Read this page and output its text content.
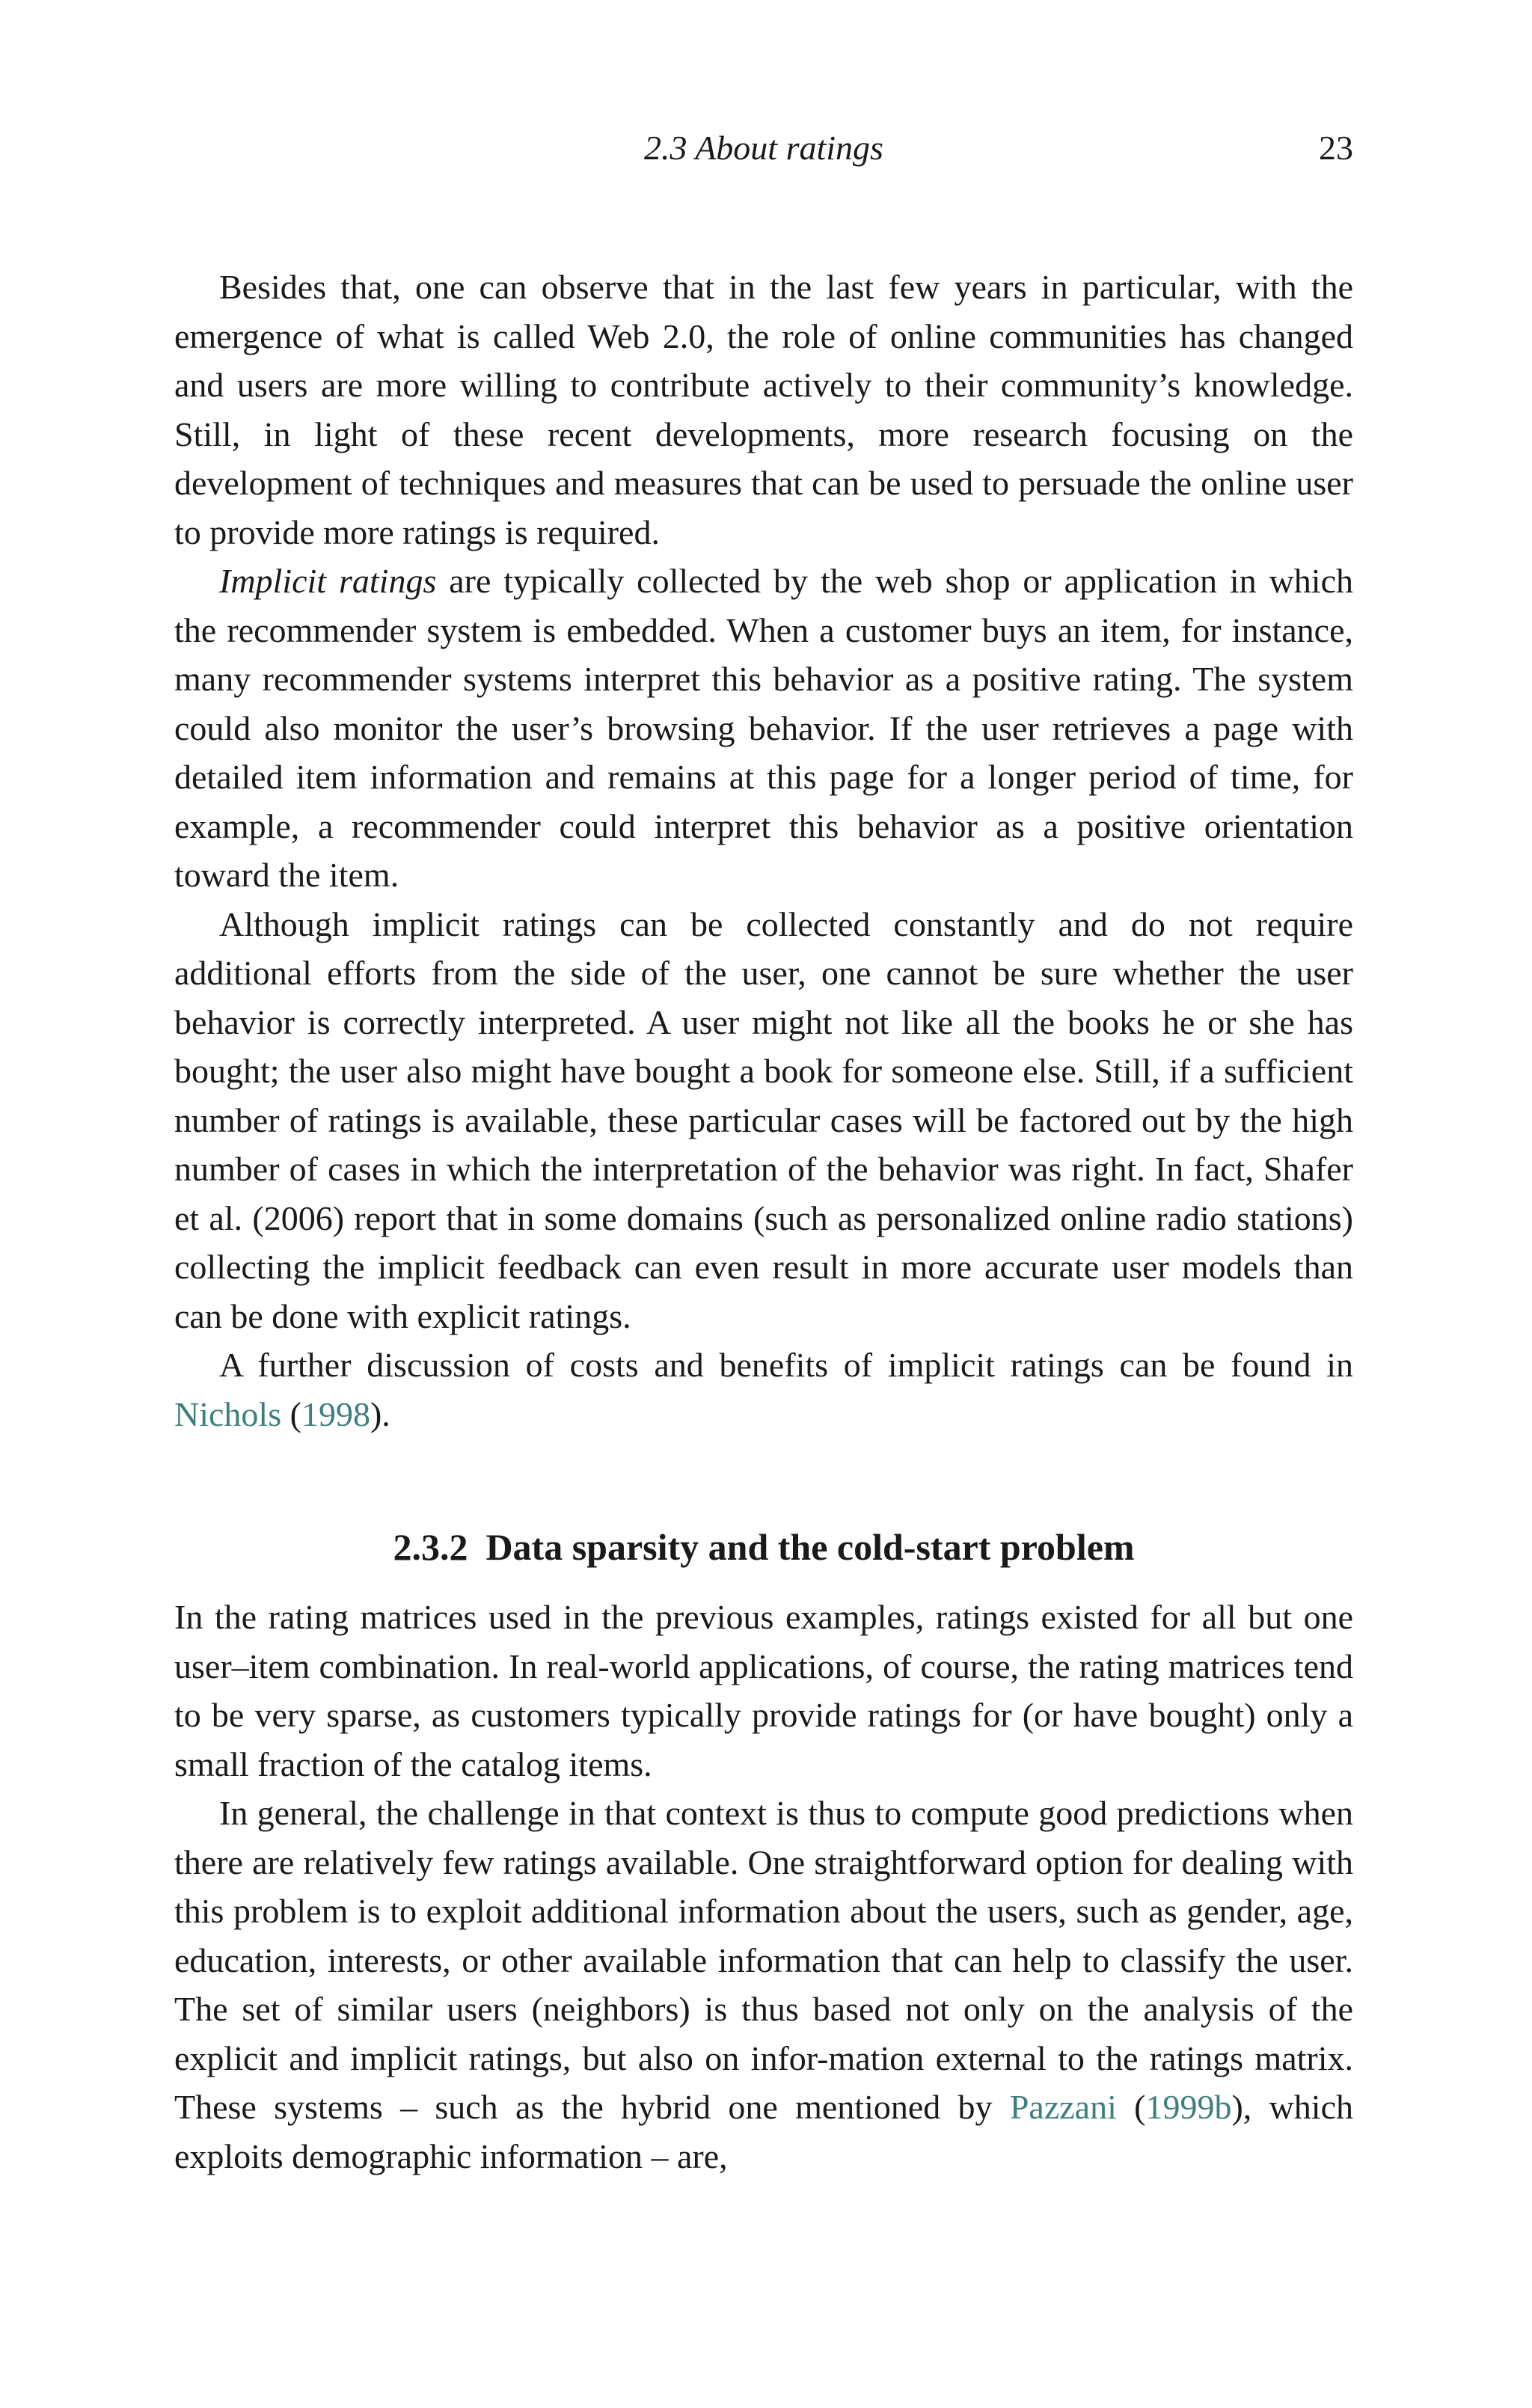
2.3 About ratings	23

Besides that, one can observe that in the last few years in particular, with the emergence of what is called Web 2.0, the role of online communities has changed and users are more willing to contribute actively to their community’s knowledge. Still, in light of these recent developments, more research focusing on the development of techniques and measures that can be used to persuade the online user to provide more ratings is required.

Implicit ratings are typically collected by the web shop or application in which the recommender system is embedded. When a customer buys an item, for instance, many recommender systems interpret this behavior as a positive rating. The system could also monitor the user’s browsing behavior. If the user retrieves a page with detailed item information and remains at this page for a longer period of time, for example, a recommender could interpret this behavior as a positive orientation toward the item.

Although implicit ratings can be collected constantly and do not require additional efforts from the side of the user, one cannot be sure whether the user behavior is correctly interpreted. A user might not like all the books he or she has bought; the user also might have bought a book for someone else. Still, if a sufficient number of ratings is available, these particular cases will be factored out by the high number of cases in which the interpretation of the behavior was right. In fact, Shafer et al. (2006) report that in some domains (such as personalized online radio stations) collecting the implicit feedback can even result in more accurate user models than can be done with explicit ratings.

A further discussion of costs and benefits of implicit ratings can be found in Nichols (1998).

2.3.2 Data sparsity and the cold-start problem

In the rating matrices used in the previous examples, ratings existed for all but one user–item combination. In real-world applications, of course, the rating matrices tend to be very sparse, as customers typically provide ratings for (or have bought) only a small fraction of the catalog items.

In general, the challenge in that context is thus to compute good predictions when there are relatively few ratings available. One straightforward option for dealing with this problem is to exploit additional information about the users, such as gender, age, education, interests, or other available information that can help to classify the user. The set of similar users (neighbors) is thus based not only on the analysis of the explicit and implicit ratings, but also on infor-mation external to the ratings matrix. These systems – such as the hybrid one mentioned by Pazzani (1999b), which exploits demographic information – are,
